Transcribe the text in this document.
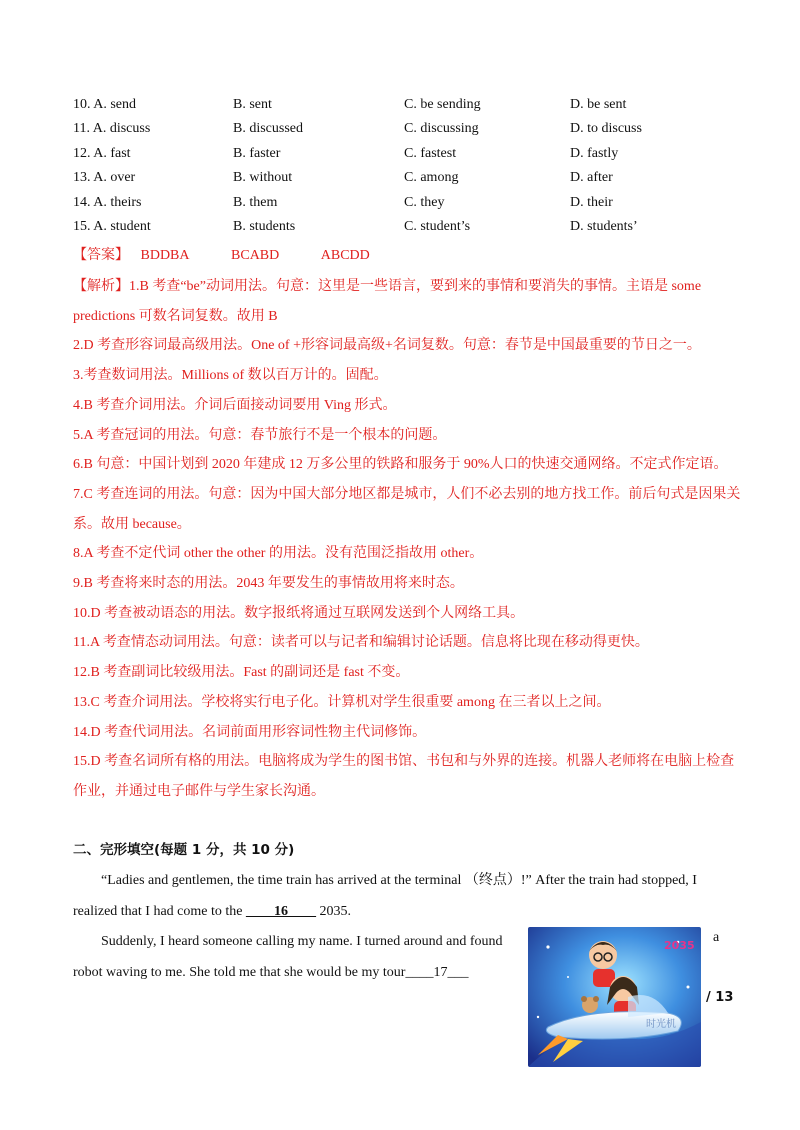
10. A. send	B. sent	C. be sending	D. be sent
11. A. discuss	B. discussed	C. discussing	D. to discuss
12. A. fast	B. faster	C. fastest	D. fastly
13. A. over	B. without	C. among	D. after
14. A. theirs	B. them	C. they	D. their
15. A. student	B. students	C. student’s	D. students’
【答案】 BDDBA	BCABD	ABCDD

【解析】1.B 考查“be”动词用法。句意：这里是一些语言，要到来的事情和要消失的事情。主语是 some

predictions 可数名词复数。故用 B

2.D 考查形容词最高级用法。One of +形容词最高级+名词复数。句意：春节是中国最重要的节日之一。

3.考查数词用法。Millions of 数以百万计的。固配。

4.B 考查介词用法。介词后面接动词要用 Ving 形式。

5.A 考查冠词的用法。句意：春节旅行不是一个根本的问题。

6.B 句意：中国计划到 2020 年建成 12 万多公里的铁路和服务于 90%人口的快速交通网络。不定式作定语。

7.C 考查连词的用法。句意：因为中国大部分地区都是城市，人们不必去别的地方找工作。前后句式是因果关

系。故用 because。

8.A 考查不定代词 other the other 的用法。没有范围泛指故用 other。

9.B 考查将来时态的用法。2043 年要发生的事情故用将来时态。

10.D 考查被动语态的用法。数字报纸将通过互联网发送到个人网络工具。

11.A 考查情态动词用法。句意：读者可以与记者和编辑讨论话题。信息将比现在移动得更快。

12.B 考查副词比较级用法。Fast 的副词还是 fast 不变。

13.C 考查介词用法。学校将实行电子化。计算机对学生很重要 among 在三者以上之间。

14.D 考查代词用法。名词前面用形容词性物主代词修饰。

15.D 考查名词所有格的用法。电脑将成为学生的图书馆、书包和与外界的连接。机器人老师将在电脑上检查

作业，并通过电子邮件与学生家长沟通。

二、完形填空(每题 1 分，共 10 分)

“Ladies and gentlemen, the time train has arrived at the terminal （终点）!” After the train had stopped, I

realized that I had come to the ____16____ 2035.

Suddenly, I heard someone calling my name. I turned around and found

robot waving to me. She told me that she would be my tour____17___

a
2035
时光机
/ 13
